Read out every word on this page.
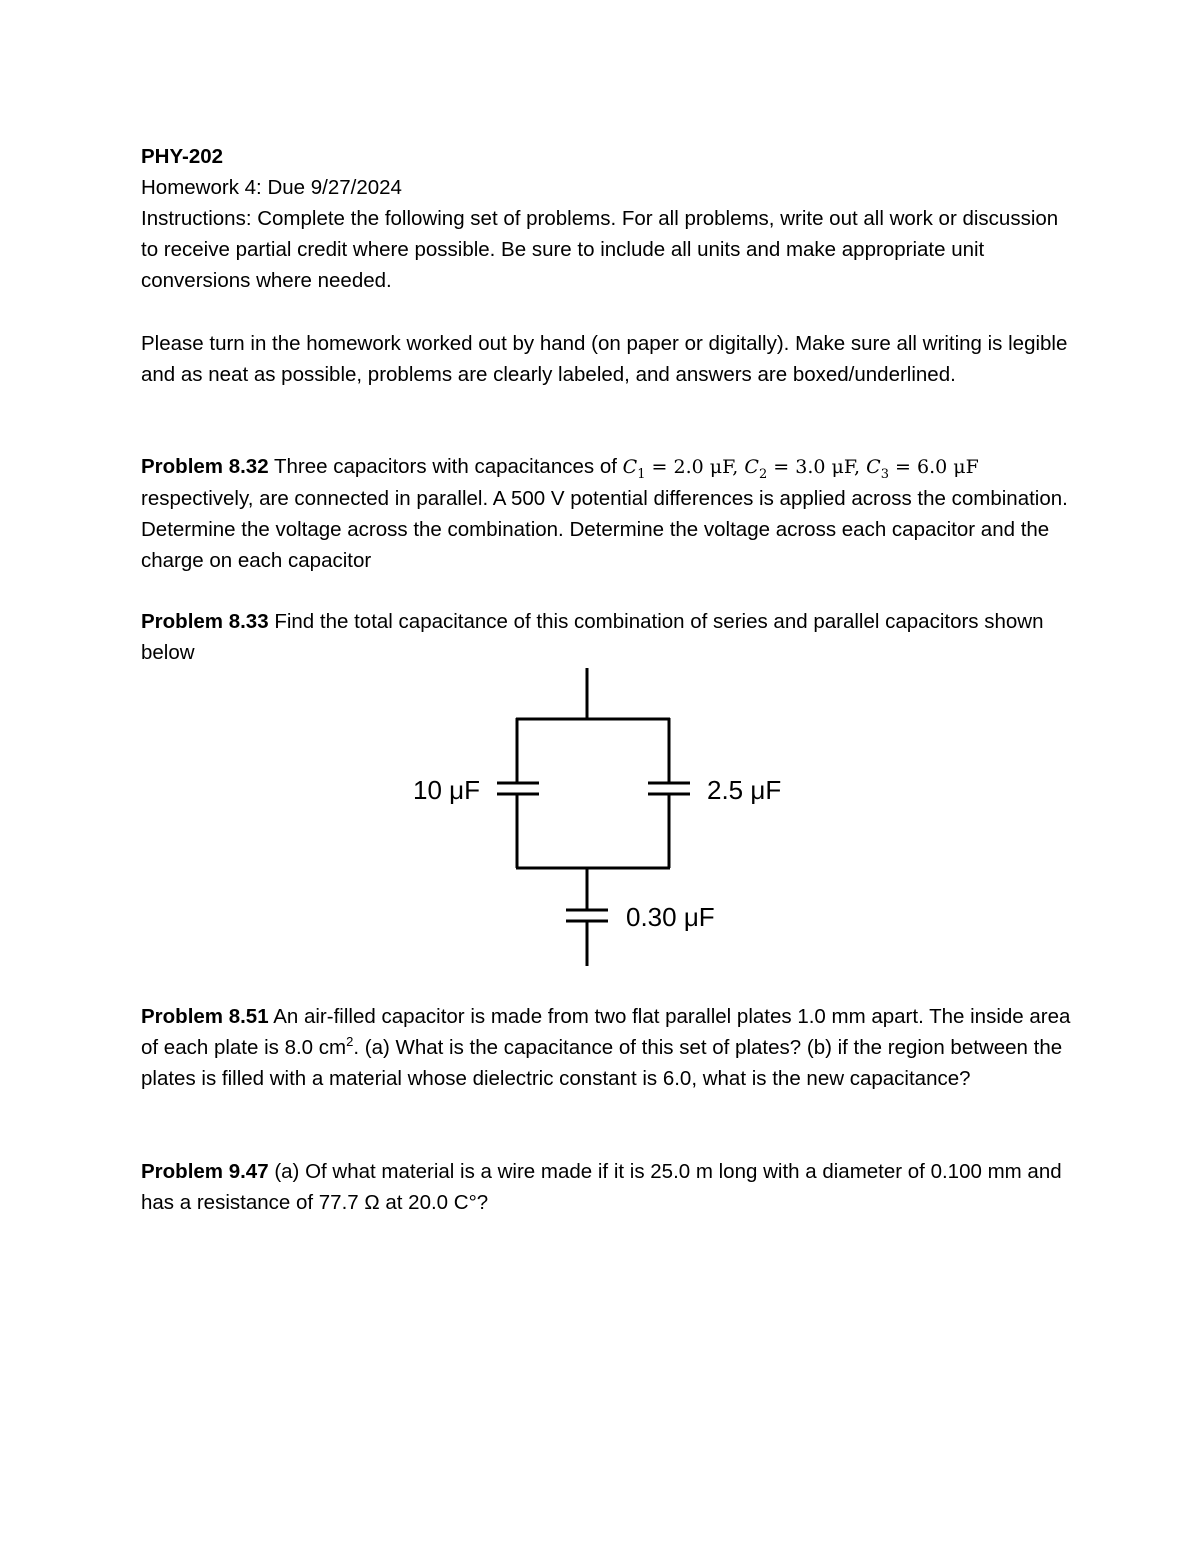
PHY-202
Homework 4: Due 9/27/2024
Instructions: Complete the following set of problems. For all problems, write out all work or discussion to receive partial credit where possible. Be sure to include all units and make appropriate unit conversions where needed.
Please turn in the homework worked out by hand (on paper or digitally). Make sure all writing is legible and as neat as possible, problems are clearly labeled, and answers are boxed/underlined.
Problem 8.32 Three capacitors with capacitances of $C_1 = 2.0$ μF, $C_2 = 3.0$ μF, $C_3 = 6.0$ μF respectively, are connected in parallel. A 500 V potential differences is applied across the combination. Determine the voltage across the combination. Determine the voltage across each capacitor and the charge on each capacitor
Problem 8.33 Find the total capacitance of this combination of series and parallel capacitors shown below
10 μF	2.5 μF
0.30 μF
Problem 8.51 An air-filled capacitor is made from two flat parallel plates 1.0 mm apart. The inside area of each plate is 8.0 $cm^2$. (a) What is the capacitance of this set of plates? (b) if the region between the plates is filled with a material whose dielectric constant is 6.0, what is the new capacitance?
Problem 9.47 (a) Of what material is a wire made if it is 25.0 m long with a diameter of 0.100 mm and has a resistance of 77.7 Ω at 20.0 C°?
